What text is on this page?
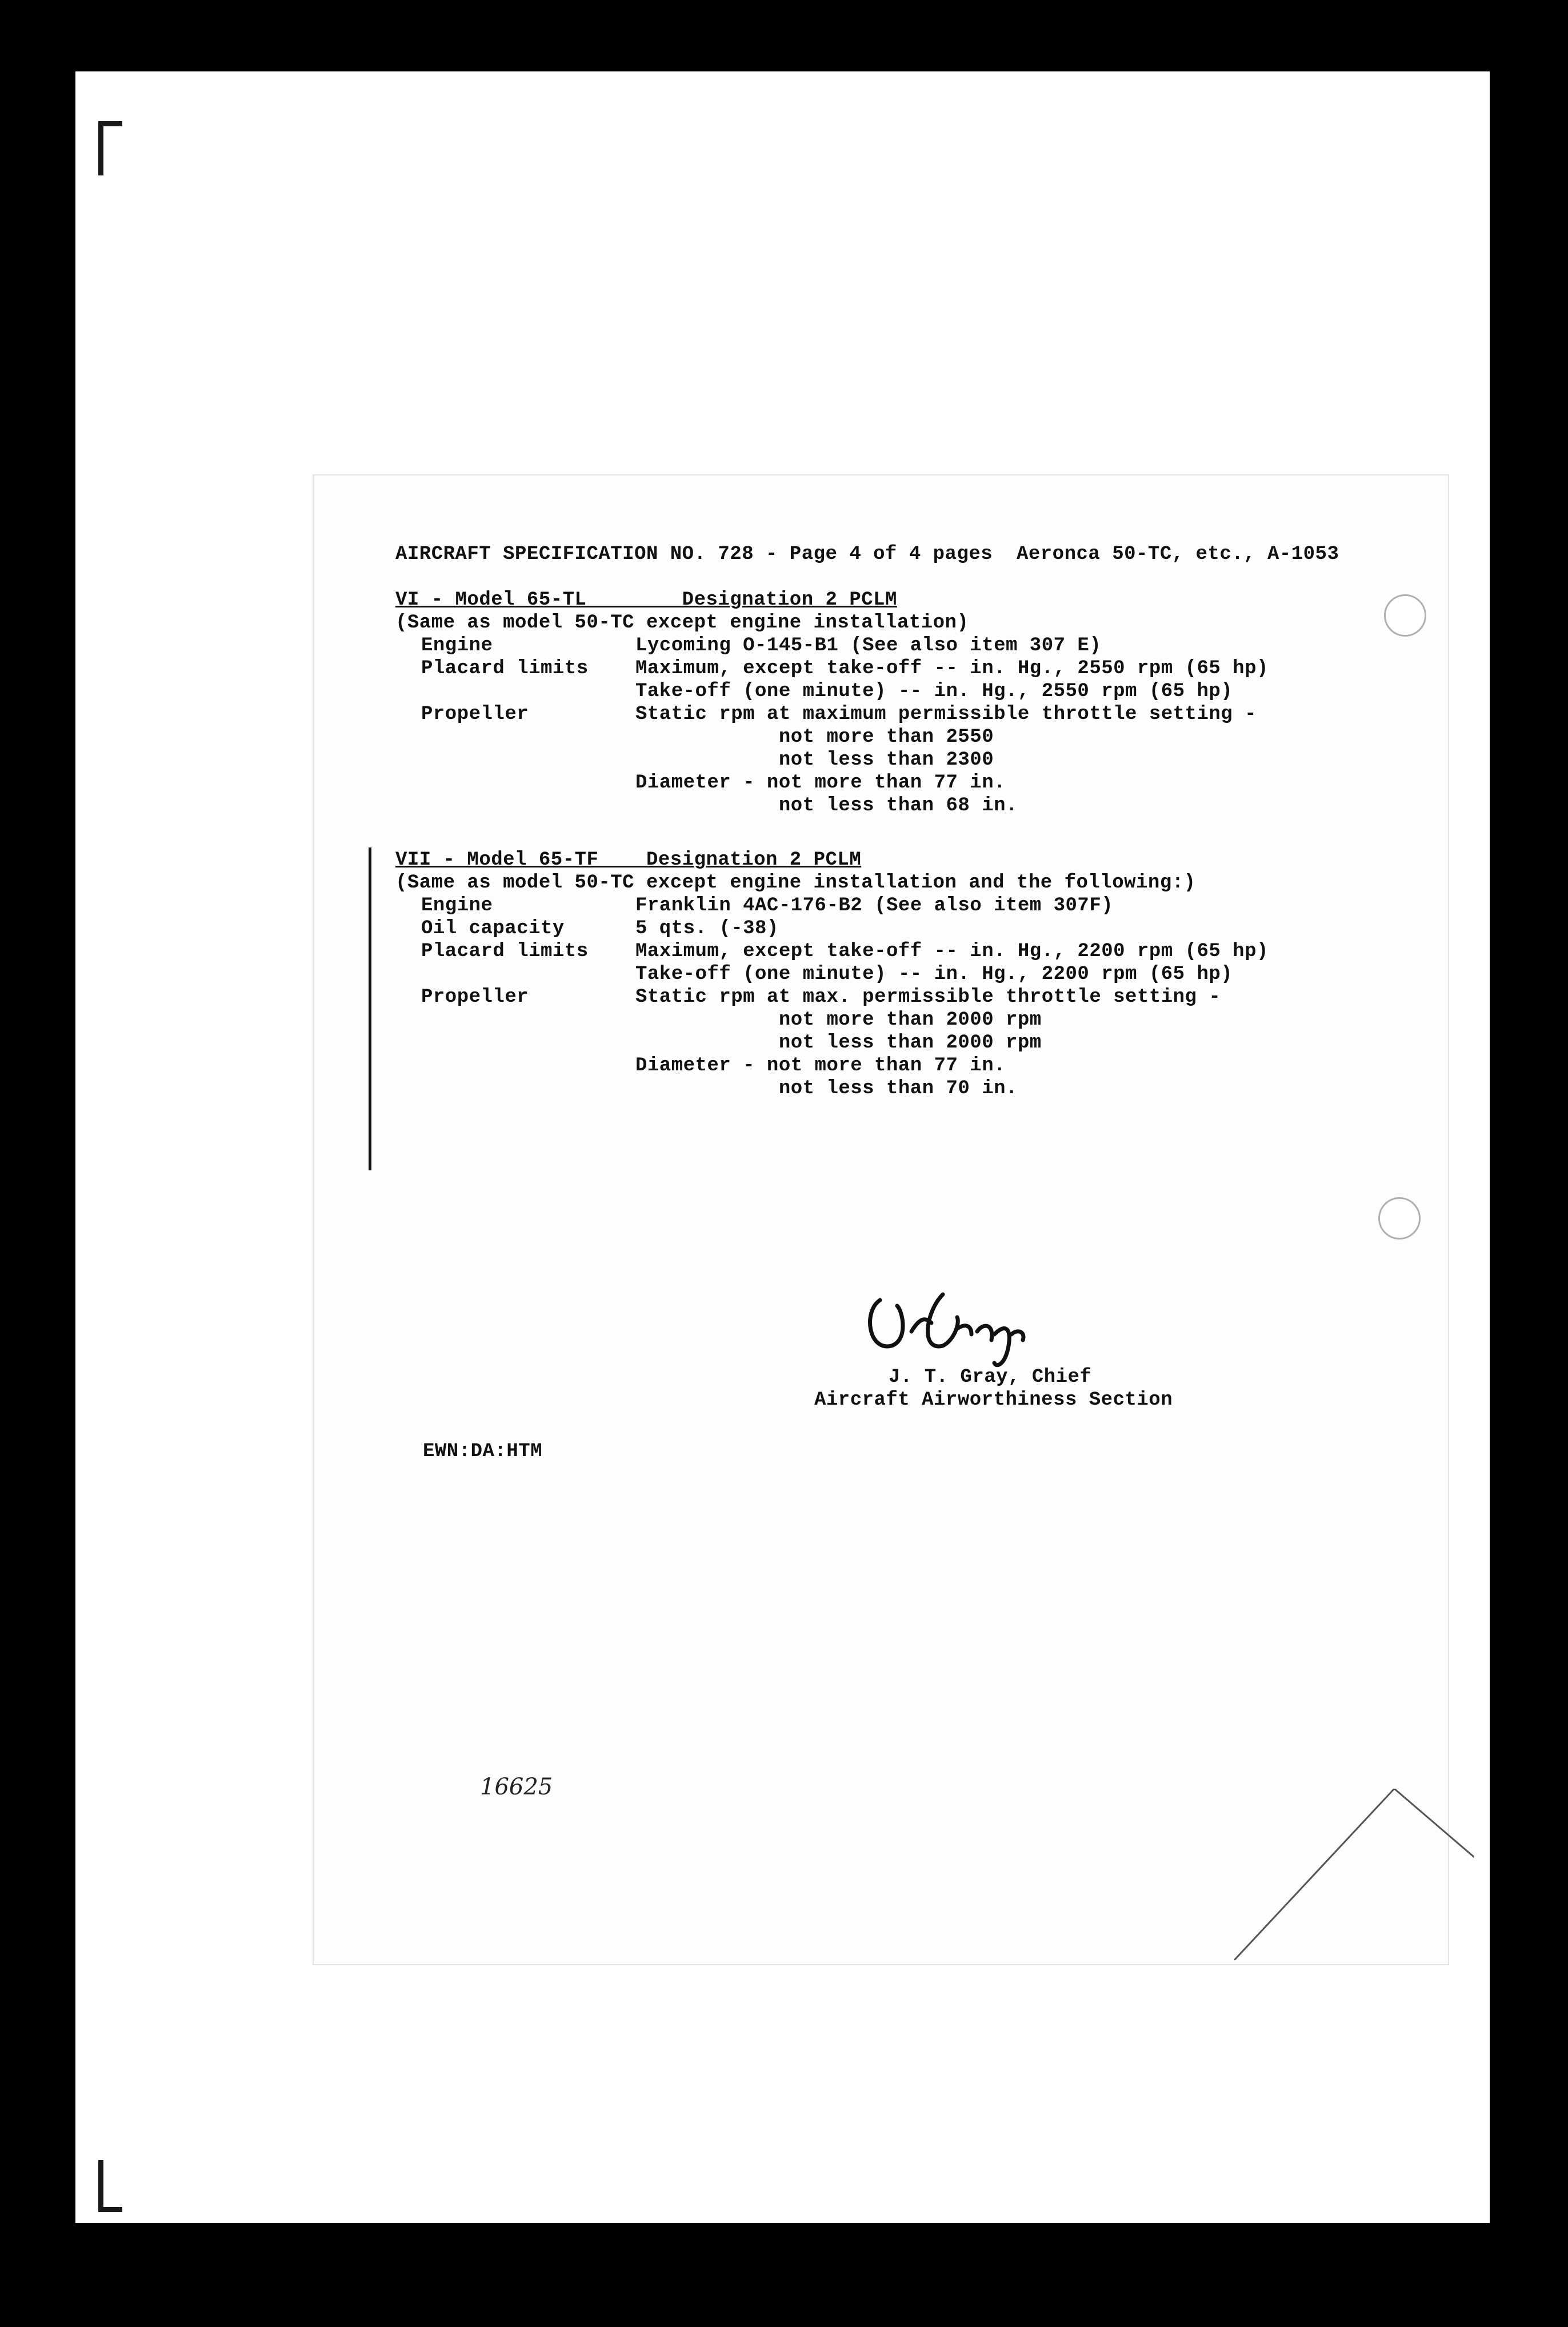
AIRCRAFT SPECIFICATION NO. 728 - Page 4 of 4 pages  Aeronca 50-TC, etc., A-1053
VI - Model 65-TL        Designation 2 PCLM
(Same as model 50-TC except engine installation)
Engine	Lycoming O-145-B1 (See also item 307 E)
Placard limits Maximum, except take-off -- in. Hg., 2550 rpm (65 hp)
Take-off (one minute) -- in. Hg., 2550 rpm (65 hp)
Propeller	Static rpm at maximum permissible throttle setting -
not more than 2550
not less than 2300
Diameter - not more than 77 in.
not less than 68 in.
VII - Model 65-TF    Designation 2 PCLM
(Same as model 50-TC except engine installation and the following:)
Engine	Franklin 4AC-176-B2 (See also item 307F)
Oil capacity	5 qts. (-38)
Placard limits Maximum, except take-off -- in. Hg., 2200 rpm (65 hp)
Take-off (one minute) -- in. Hg., 2200 rpm (65 hp)
Propeller	Static rpm at max. permissible throttle setting -
not more than 2000 rpm
not less than 2000 rpm
Diameter - not more than 77 in.
not less than 70 in.
J. T. Gray, Chief
Aircraft Airworthiness Section
EWN:DA:HTM
16625
